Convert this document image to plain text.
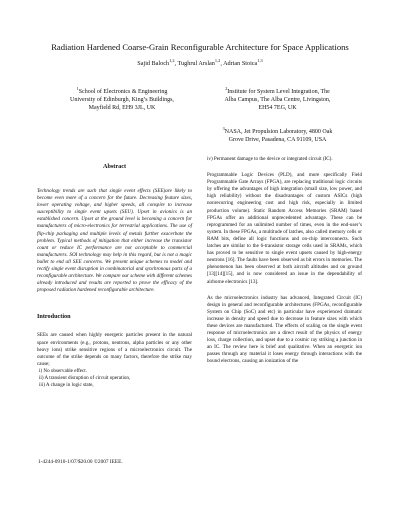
Radiation Hardened Coarse-Grain Reconfigurable Architecture for Space Applications
Sajid Baloch$^{1,2}$, Tughrul Arslan$^{1,2}$, Adrian Stoica$^{1,3}$
$^1$School of Electronics & Engineering
University of Edinburgh, King’s Buildings,
Mayfield Rd, EH9 3JL, UK
$^2$Institute for System Level Integration, The
Alba Campus, The Alba Centre, Livingston,
EH54 7EG, UK
$^3$NASA, Jet Propulsion Laboratory, 4800 Oak
Grove Drive, Pasadena, CA 91109, USA
Abstract

Technology trends are such that single event effects (SEE)are likely to become even more of a concern for the future. Decreasing feature sizes, lower operating voltage, and higher speeds, all conspire to increase susceptibility to single event upsets (SEU). Upset in avionics is an established concern. Upset at the ground level is becoming a concern for manufacturers of micro-electronics for terrestrial applications. The use of flip-chip packaging and multiple levels of metals further exacerbate the problem. Typical methods of mitigation that either increase the transistor count or reduce IC performance are not acceptable to commercial manufacturers. SOI technology may help in this regard, but is not a magic bullet to end all SEE concerns. We present unique schemes to model and rectify single event disruption in combinatorial and synchronous parts of a reconfigurable architecture. We compare our scheme with different schemes already introduced and results are reported to prove the efficacy of the proposed radiation hardened reconfigurable architecture.

Introduction

SEEs are caused when highly energetic particles present in the natural space environments (e.g., protons, neutrons, alpha particles or any other heavy ions) strike sensitive regions of a microelectronics circuit. The outcome of the strike depends on many factors, therefore the strike may cause;

i) No observable effect.
ii) A transient disruption of circuit operation,
iii) A change in logic state,

iv) Permanent damage to the device or integrated circuit (IC).

Programmable Logic Devices (PLD), and more specifically Field Programmable Gate Arrays (FPGA), are replacing traditional logic circuits by offering the advantages of high integration (small size, low power, and high reliability) without the disadvantages of custom ASICs (high nonrecurring engineering cost and high risk, especially in limited production volume). Static Random Access Memories (SRAM) based FPGAs offer an additional unprecedented advantage. These can be reprogrammed for an unlimited number of times, even in the end-user’s system. In these FPGAs, a multitude of latches, also called memory cells or RAM bits, define all logic functions and on-chip interconnects. Such latches are similar to the 6-transistor storage cells used in SRAMs, which has proved to be sensitive to single event upsets caused by high-energy neutrons [16]. The faults have been observed as bit errors in memories. The phenomenon has been observed at both aircraft altitudes and on ground [13][14][15], and is now considered an issue in the dependability of airborne electronics [13].

As the microelectronics industry has advanced, Integrated Circuit (IC) design in general and reconfigurable architectures (FPGAs, reconfigurable System on Chip (SoC) and etc) in particular have experienced dramatic increase in density and speed due to decrease in feature sizes with which these devices are manufactured. The effects of scaling on the single event response of microelectronics are a direct result of the physics of energy loss, charge collection, and upset due to a cosmic ray striking a junction in an IC. The review here is brief and qualitative. When an energetic ion passes through any material it loses energy through interactions with the bound electrons, causing an ionization of the

1-4244-0910-1/07/$20.00 ©2007 IEEE.
